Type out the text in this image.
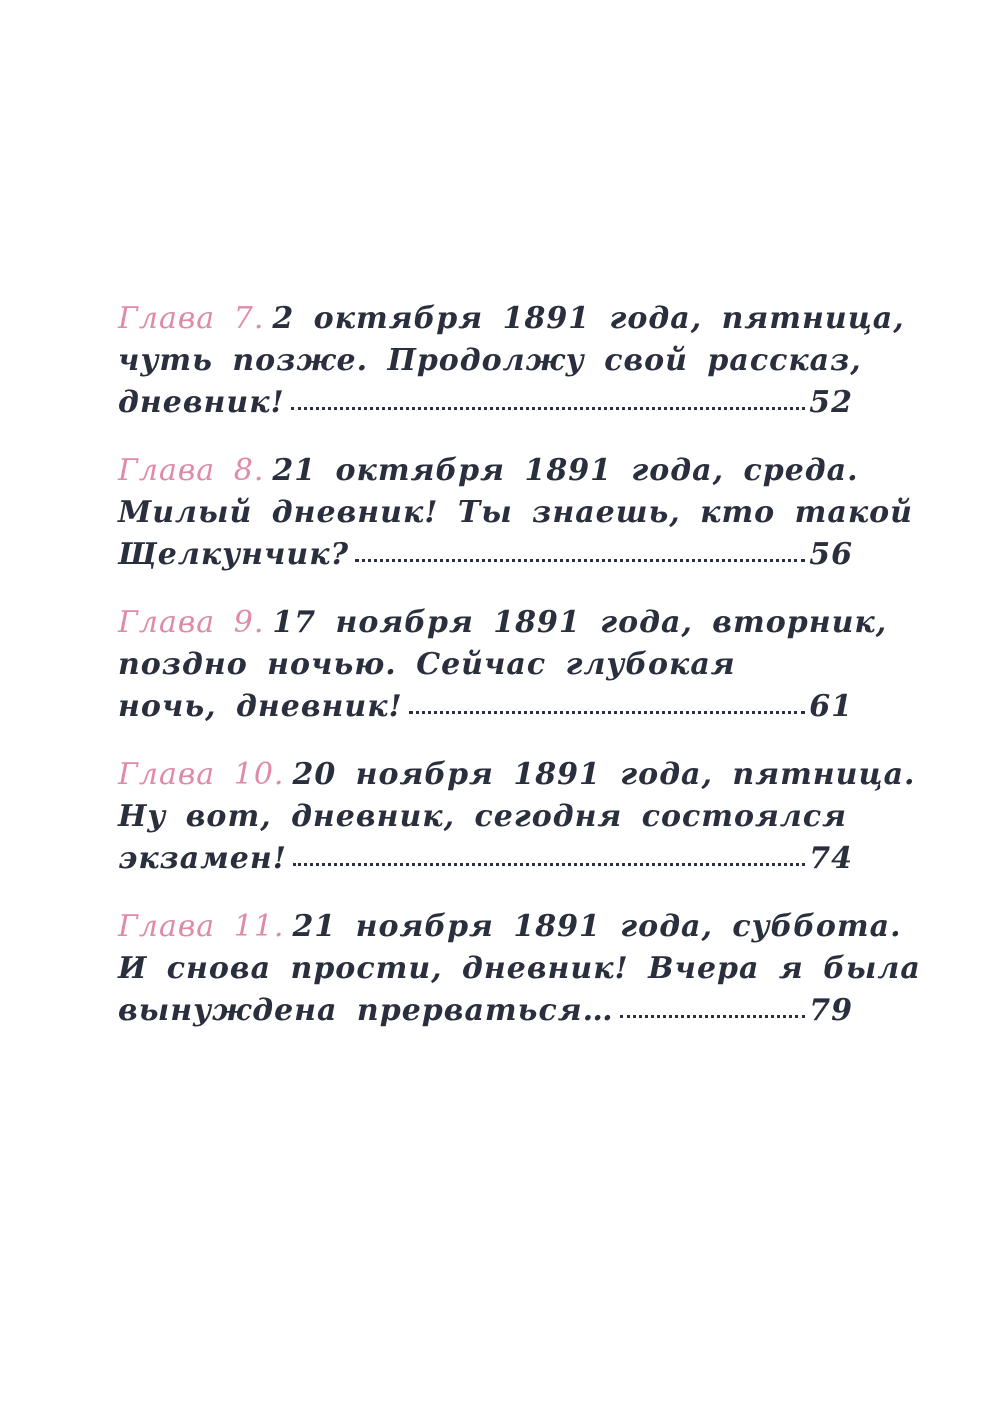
Глава 7. 2 октября 1891 года, пятница,
чуть позже. Продолжу свой рассказ,
дневник!	52
Глава 8. 21 октября 1891 года, среда.
Милый дневник! Ты знаешь, кто такой
Щелкунчик?	56
Глава 9. 17 ноября 1891 года, вторник,
поздно ночью. Сейчас глубокая
ночь, дневник!	61
Глава 10. 20 ноября 1891 года, пятница.
Ну вот, дневник, сегодня состоялся
экзамен!	74
Глава 11. 21 ноября 1891 года, суббота.
И снова прости, дневник! Вчера я была
вынуждена прерваться…	79
